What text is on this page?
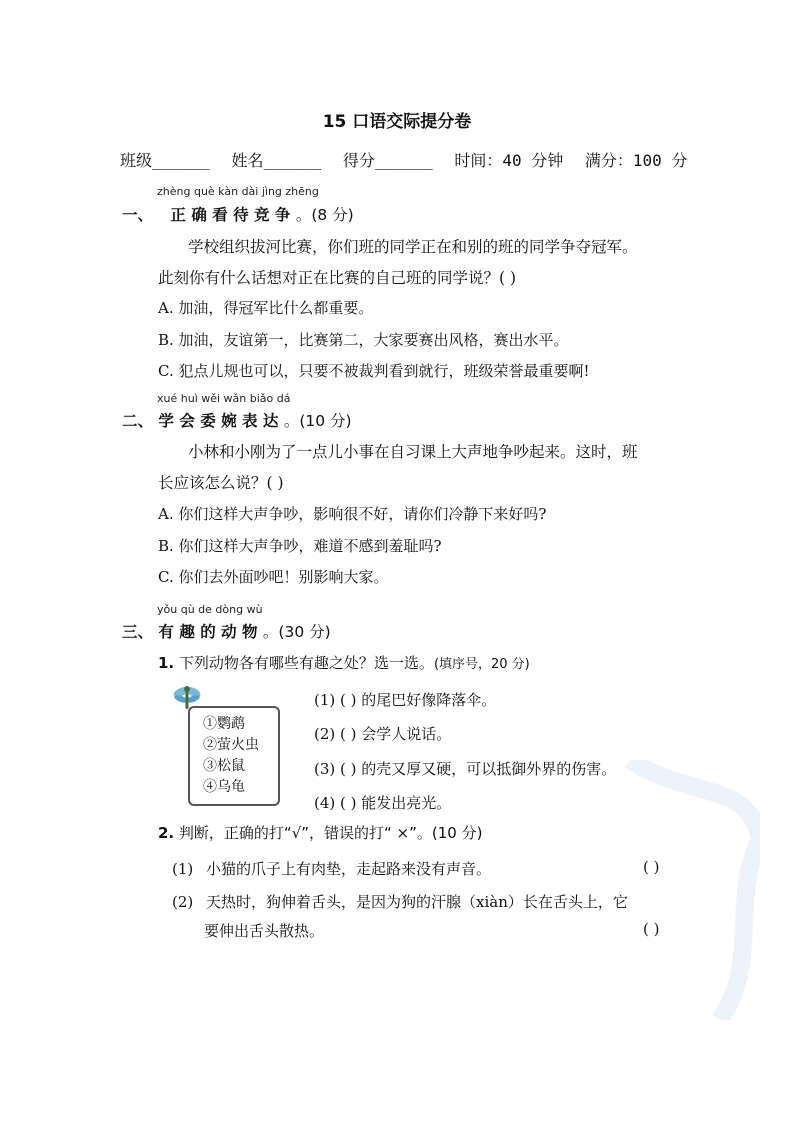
15 口语交际提分卷
班级______ 姓名______ 得分______ 时间：40 分钟 满分：100 分
zhèng què kàn dài jìng zhēng
一、 正 确 看 待 竞 争 。(8 分)
学校组织拔河比赛，你们班的同学正在和别的班的同学争夺冠军。
此刻你有什么话想对正在比赛的自己班的同学说？( )
A. 加油，得冠军比什么都重要。
B. 加油，友谊第一，比赛第二，大家要赛出风格，赛出水平。
C. 犯点儿规也可以，只要不被裁判看到就行，班级荣誉最重要啊!
xué huì wěi wǎn biǎo dá
二、 学 会 委 婉 表 达 。(10 分)
小林和小刚为了一点儿小事在自习课上大声地争吵起来。这时，班
长应该怎么说？( )
A. 你们这样大声争吵，影响很不好，请你们冷静下来好吗?
B. 你们这样大声争吵，难道不感到羞耻吗?
C. 你们去外面吵吧！别影响大家。
yǒu qù de dòng wù
三、 有 趣 的 动 物 。(30 分)
1. 下列动物各有哪些有趣之处？选一选。(填序号，20 分)
①鹦鹉
②萤火虫
③松鼠
④乌龟
(1) ( ) 的尾巴好像降落伞。
(2) ( ) 会学人说话。
(3) ( ) 的壳又厚又硬，可以抵御外界的伤害。
(4) ( ) 能发出亮光。
2. 判断，正确的打“√”，错误的打“ ×”。(10 分)
(1) 小猫的爪子上有肉垫，走起路来没有声音。	( )
(2) 天热时，狗伸着舌头，是因为狗的汗腺（xiàn）长在舌头上，它
要伸出舌头散热。	( )
